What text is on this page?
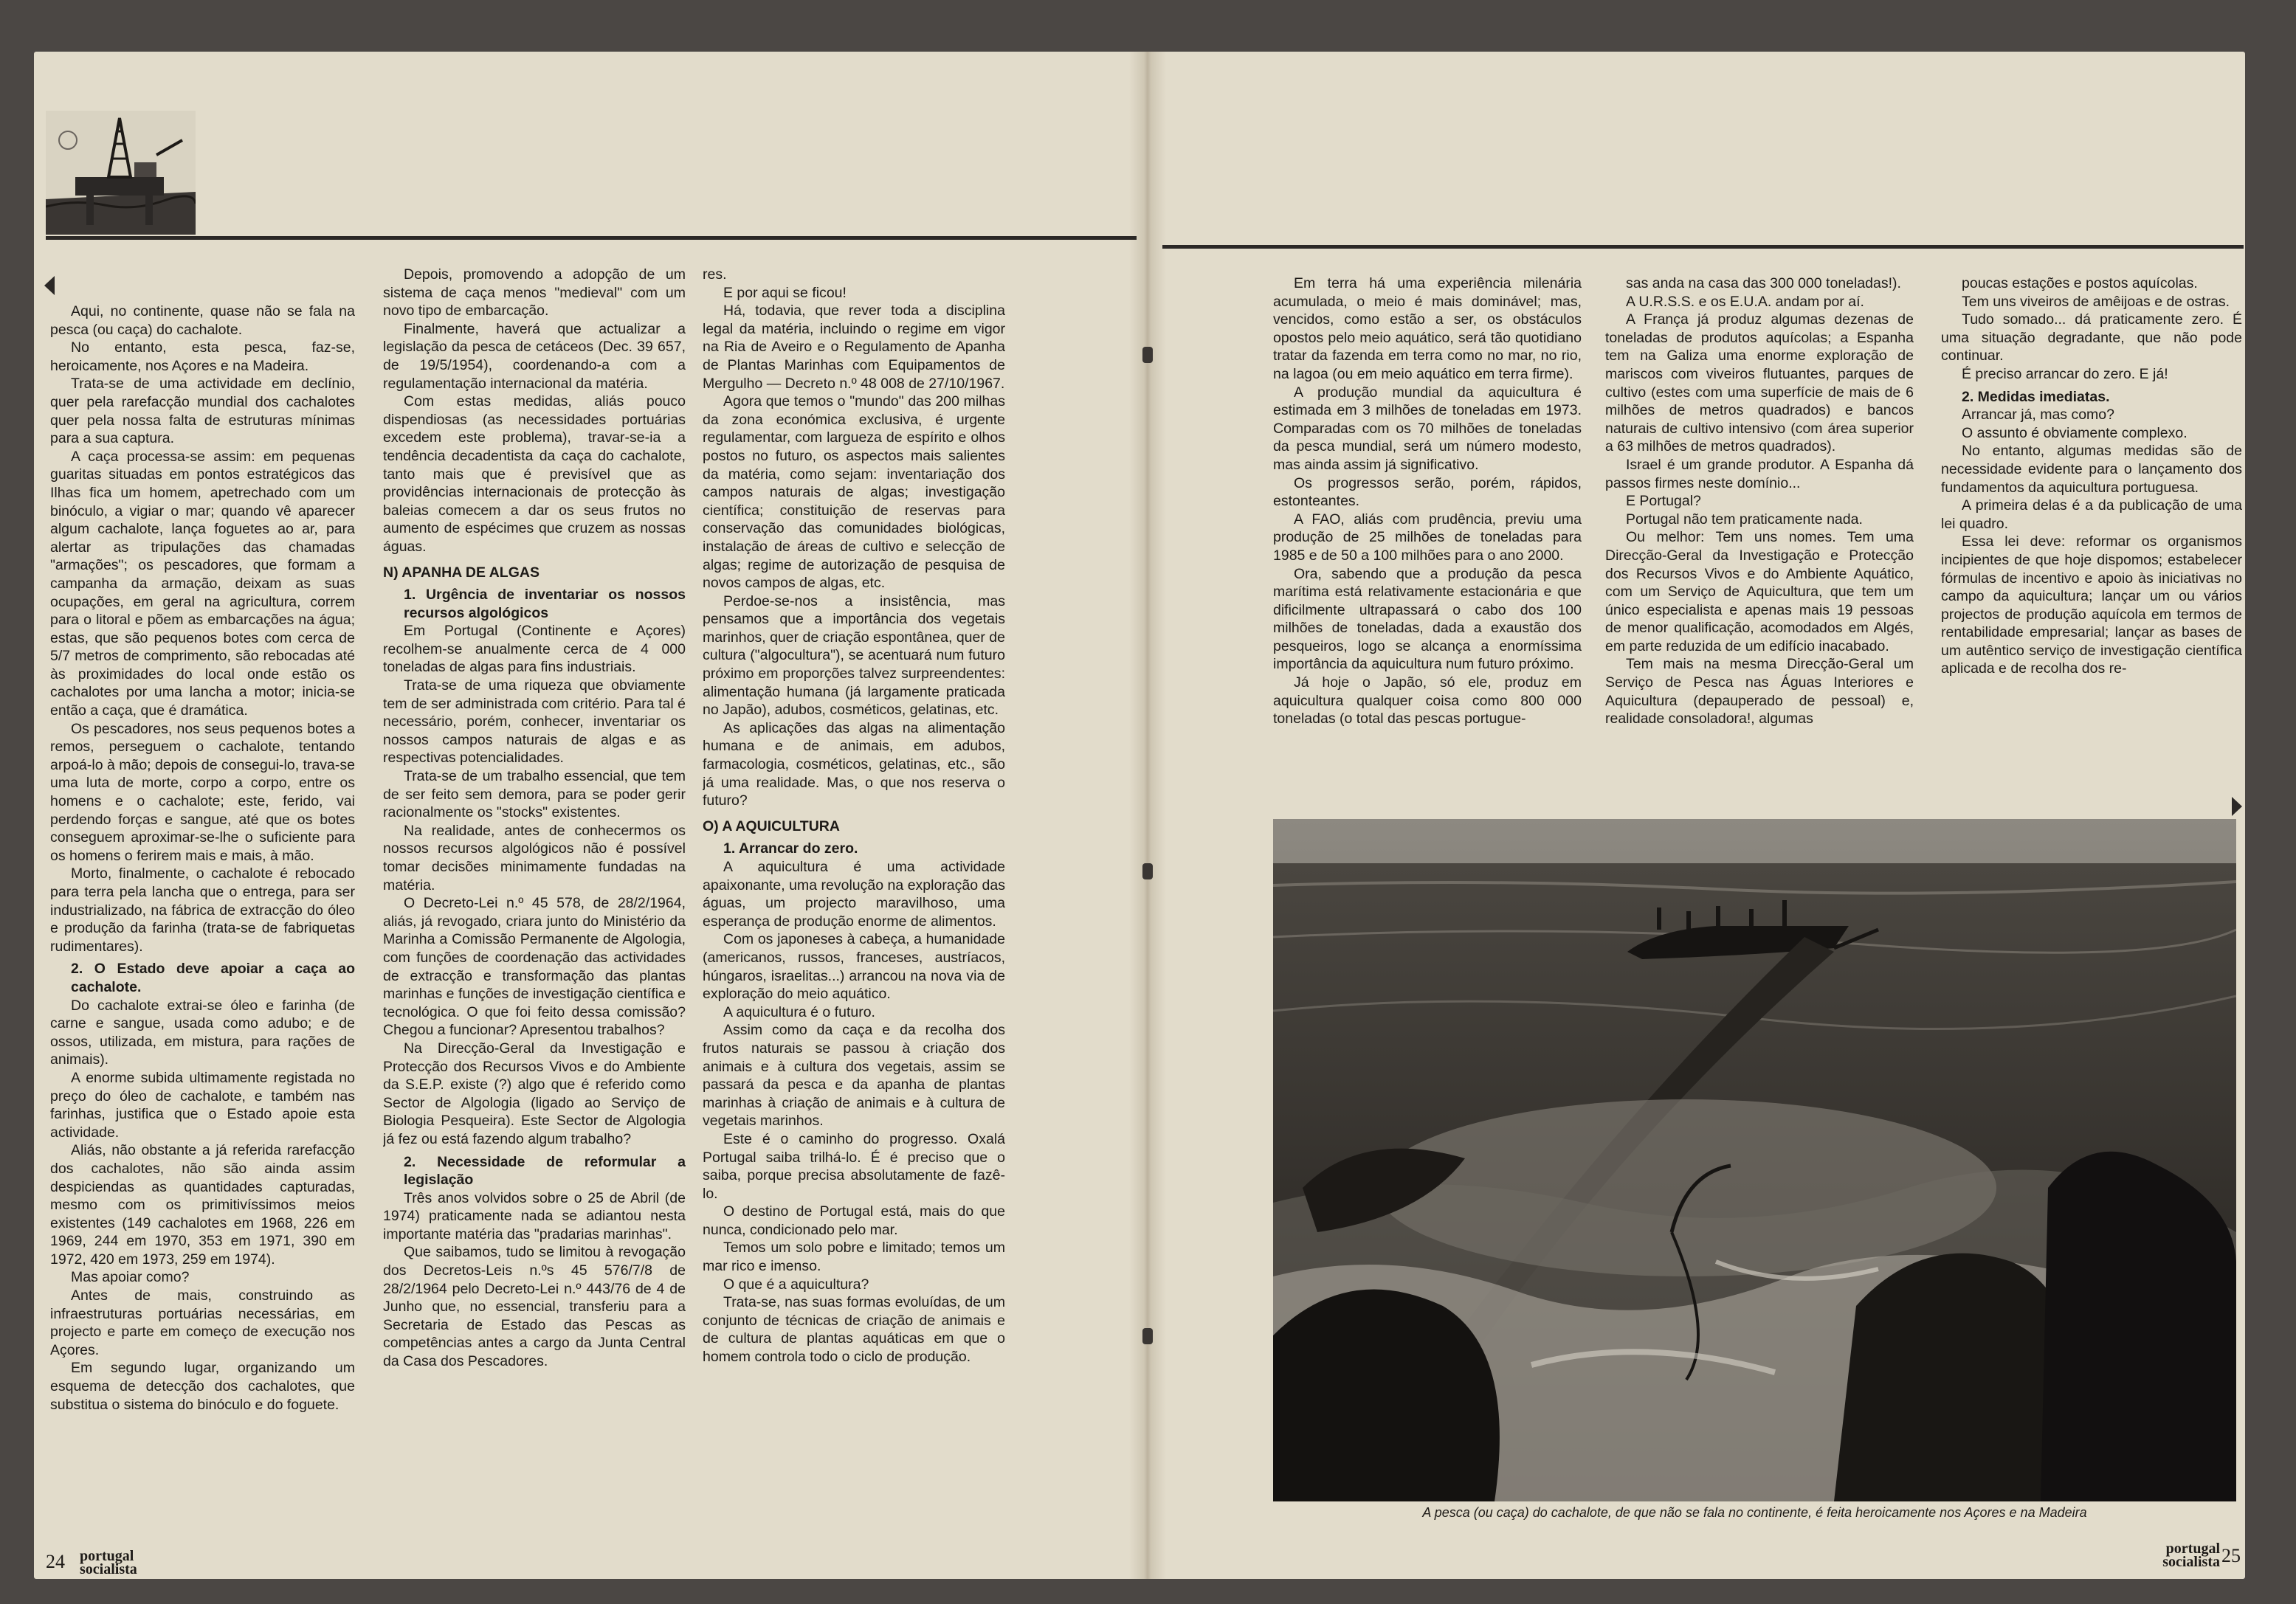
Aqui, no continente, quase não se fala na pesca (ou caça) do cachalote.

No entanto, esta pesca, faz-se, heroicamente, nos Açores e na Madeira.

Trata-se de uma actividade em declínio, quer pela rarefacção mundial dos cachalotes quer pela nossa falta de estruturas mínimas para a sua captura.

A caça processa-se assim: em pequenas guaritas situadas em pontos estratégicos das Ilhas fica um homem, apetrechado com um binóculo, a vigiar o mar; quando vê aparecer algum cachalote, lança foguetes ao ar, para alertar as tripulações das chamadas "armações"; os pescadores, que formam a campanha da armação, deixam as suas ocupações, em geral na agricultura, correm para o litoral e põem as embarcações na água; estas, que são pequenos botes com cerca de 5/7 metros de comprimento, são rebocadas até às proximidades do local onde estão os cachalotes por uma lancha a motor; inicia-se então a caça, que é dramática.

Os pescadores, nos seus pequenos botes a remos, perseguem o cachalote, tentando arpoá-lo à mão; depois de consegui-lo, trava-se uma luta de morte, corpo a corpo, entre os homens e o cachalote; este, ferido, vai perdendo forças e sangue, até que os botes conseguem aproximar-se-lhe o suficiente para os homens o ferirem mais e mais, à mão.

Morto, finalmente, o cachalote é rebocado para terra pela lancha que o entrega, para ser industrializado, na fábrica de extracção do óleo e produção da farinha (trata-se de fabriquetas rudimentares).

2. O Estado deve apoiar a caça ao cachalote.

Do cachalote extrai-se óleo e farinha (de carne e sangue, usada como adubo; e de ossos, utilizada, em mistura, para rações de animais).

A enorme subida ultimamente registada no preço do óleo de cachalote, e também nas farinhas, justifica que o Estado apoie esta actividade.

Aliás, não obstante a já referida rarefacção dos cachalotes, não são ainda assim despiciendas as quantidades capturadas, mesmo com os primitivíssimos meios existentes (149 cachalotes em 1968, 226 em 1969, 244 em 1970, 353 em 1971, 390 em 1972, 420 em 1973, 259 em 1974).

Mas apoiar como?

Antes de mais, construindo as infraestruturas portuárias necessárias, em projecto e parte em começo de execução nos Açores.

Em segundo lugar, organizando um esquema de detecção dos cachalotes, que substitua o sistema do binóculo e do foguete.

Depois, promovendo a adopção de um sistema de caça menos "medieval" com um novo tipo de embarcação.

Finalmente, haverá que actualizar a legislação da pesca de cetáceos (Dec. 39 657, de 19/5/1954), coordenando-a com a regulamentação internacional da matéria.

Com estas medidas, aliás pouco dispendiosas (as necessidades portuárias excedem este problema), travar-se-ia a tendência decadentista da caça do cachalote, tanto mais que é previsível que as providências internacionais de protecção às baleias comecem a dar os seus frutos no aumento de espécimes que cruzem as nossas águas.

N) APANHA DE ALGAS
1. Urgência de inventariar os nossos recursos algológicos

Em Portugal (Continente e Açores) recolhem-se anualmente cerca de 4 000 toneladas de algas para fins industriais.

Trata-se de uma riqueza que obviamente tem de ser administrada com critério. Para tal é necessário, porém, conhecer, inventariar os nossos campos naturais de algas e as respectivas potencialidades.

Trata-se de um trabalho essencial, que tem de ser feito sem demora, para se poder gerir racionalmente os "stocks" existentes.

Na realidade, antes de conhecermos os nossos recursos algológicos não é possível tomar decisões minimamente fundadas na matéria.

O Decreto-Lei n.º 45 578, de 28/2/1964, aliás, já revogado, criara junto do Ministério da Marinha a Comissão Permanente de Algologia, com funções de coordenação das actividades de extracção e transformação das plantas marinhas e funções de investigação científica e tecnológica. O que foi feito dessa comissão? Chegou a funcionar? Apresentou trabalhos?

Na Direcção-Geral da Investigação e Protecção dos Recursos Vivos e do Ambiente da S.E.P. existe (?) algo que é referido como Sector de Algologia (ligado ao Serviço de Biologia Pesqueira). Este Sector de Algologia já fez ou está fazendo algum trabalho?

2. Necessidade de reformular a legislação

Três anos volvidos sobre o 25 de Abril (de 1974) praticamente nada se adiantou nesta importante matéria das "pradarias marinhas".

Que saibamos, tudo se limitou à revogação dos Decretos-Leis n.ºs 45 576/7/8 de 28/2/1964 pelo Decreto-Lei n.º 443/76 de 4 de Junho que, no essencial, transferiu para a Secretaria de Estado das Pescas as competências antes a cargo da Junta Central da Casa dos Pescadores.

res.

E por aqui se ficou!

Há, todavia, que rever toda a disciplina legal da matéria, incluindo o regime em vigor na Ria de Aveiro e o Regulamento de Apanha de Plantas Marinhas com Equipamentos de Mergulho — Decreto n.º 48 008 de 27/10/1967.

Agora que temos o "mundo" das 200 milhas da zona económica exclusiva, é urgente regulamentar, com largueza de espírito e olhos postos no futuro, os aspectos mais salientes da matéria, como sejam: inventariação dos campos naturais de algas; investigação científica; constituição de reservas para conservação das comunidades biológicas, instalação de áreas de cultivo e selecção de algas; regime de autorização de pesquisa de novos campos de algas, etc.

Perdoe-se-nos a insistência, mas pensamos que a importância dos vegetais marinhos, quer de criação espontânea, quer de cultura ("algocultura"), se acentuará num futuro próximo em proporções talvez surpreendentes: alimentação humana (já largamente praticada no Japão), adubos, cosméticos, gelatinas, etc.

As aplicações das algas na alimentação humana e de animais, em adubos, farmacologia, cosméticos, gelatinas, etc., são já uma realidade. Mas, o que nos reserva o futuro?

O) A AQUICULTURA
1. Arrancar do zero.

A aquicultura é uma actividade apaixonante, uma revolução na exploração das águas, um projecto maravilhoso, uma esperança de produção enorme de alimentos.

Com os japoneses à cabeça, a humanidade (americanos, russos, franceses, austríacos, húngaros, israelitas...) arrancou na nova via de exploração do meio aquático.

A aquicultura é o futuro.

Assim como da caça e da recolha dos frutos naturais se passou à criação dos animais e à cultura dos vegetais, assim se passará da pesca e da apanha de plantas marinhas à criação de animais e à cultura de vegetais marinhos.

Este é o caminho do progresso. Oxalá Portugal saiba trilhá-lo. É é preciso que o saiba, porque precisa absolutamente de fazê-lo.

O destino de Portugal está, mais do que nunca, condicionado pelo mar.

Temos um solo pobre e limitado; temos um mar rico e imenso.

O que é a aquicultura?

Trata-se, nas suas formas evoluídas, de um conjunto de técnicas de criação de animais e de cultura de plantas aquáticas em que o homem controla todo o ciclo de produção.

Em terra há uma experiência milenária acumulada, o meio é mais dominável; mas, vencidos, como estão a ser, os obstáculos opostos pelo meio aquático, será tão quotidiano tratar da fazenda em terra como no mar, no rio, na lagoa (ou em meio aquático em terra firme).

A produção mundial da aquicultura é estimada em 3 milhões de toneladas em 1973. Comparadas com os 70 milhões de toneladas da pesca mundial, será um número modesto, mas ainda assim já significativo.

Os progressos serão, porém, rápidos, estonteantes.

A FAO, aliás com prudência, previu uma produção de 25 milhões de toneladas para 1985 e de 50 a 100 milhões para o ano 2000.

Ora, sabendo que a produção da pesca marítima está relativamente estacionária e que dificilmente ultrapassará o cabo dos 100 milhões de toneladas, dada a exaustão dos pesqueiros, logo se alcança a enormíssima importância da aquicultura num futuro próximo.

Já hoje o Japão, só ele, produz em aquicultura qualquer coisa como 800 000 toneladas (o total das pescas portugue-

sas anda na casa das 300 000 toneladas!).

A U.R.S.S. e os E.U.A. andam por aí.

A França já produz algumas dezenas de toneladas de produtos aquícolas; a Espanha tem na Galiza uma enorme exploração de mariscos com viveiros flutuantes, parques de cultivo (estes com uma superfície de mais de 6 milhões de metros quadrados) e bancos naturais de cultivo intensivo (com área superior a 63 milhões de metros quadrados).

Israel é um grande produtor. A Espanha dá passos firmes neste domínio...

E Portugal?

Portugal não tem praticamente nada.

Ou melhor: Tem uns nomes. Tem uma Direcção-Geral da Investigação e Protecção dos Recursos Vivos e do Ambiente Aquático, com um Serviço de Aquicultura, que tem um único especialista e apenas mais 19 pessoas de menor qualificação, acomodados em Algés, em parte reduzida de um edifício inacabado.

Tem mais na mesma Direcção-Geral um Serviço de Pesca nas Águas Interiores e Aquicultura (depauperado de pessoal) e, realidade consoladora!, algumas

poucas estações e postos aquícolas.

Tem uns viveiros de amêijoas e de ostras.

Tudo somado... dá praticamente zero. É uma situação degradante, que não pode continuar.

É preciso arrancar do zero. E já!

2. Medidas imediatas.

Arrancar já, mas como?

O assunto é obviamente complexo.

No entanto, algumas medidas são de necessidade evidente para o lançamento dos fundamentos da aquicultura portuguesa.

A primeira delas é a da publicação de uma lei quadro.

Essa lei deve: reformar os organismos incipientes de que hoje dispomos; estabelecer fórmulas de incentivo e apoio às iniciativas no campo da aquicultura; lançar um ou vários projectos de produção aquícola em termos de rentabilidade empresarial; lançar as bases de um autêntico serviço de investigação científica aplicada e de recolha dos re-

A pesca (ou caça) do cachalote, de que não se fala no continente, é feita heroicamente nos Açores e na Madeira
24 portugal socialista
portugal socialista 25
